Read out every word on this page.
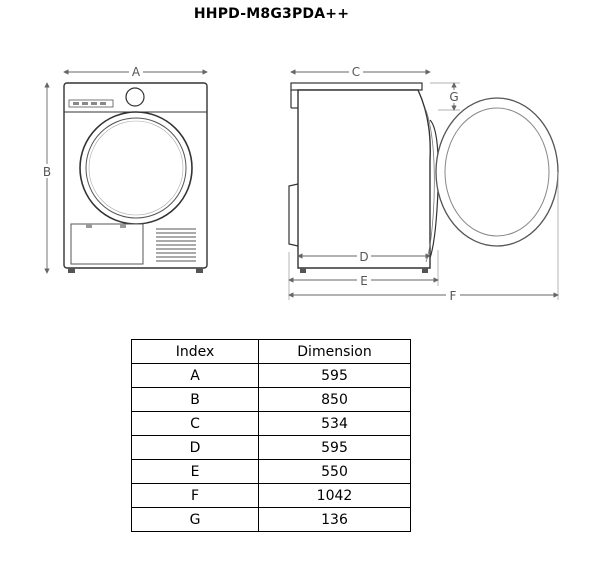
HHPD-M8G3PDA++
A
B
C
G
D
E
F
Index	Dimension
A	595
B	850
C	534
D	595
E	550
F	1042
G	136
